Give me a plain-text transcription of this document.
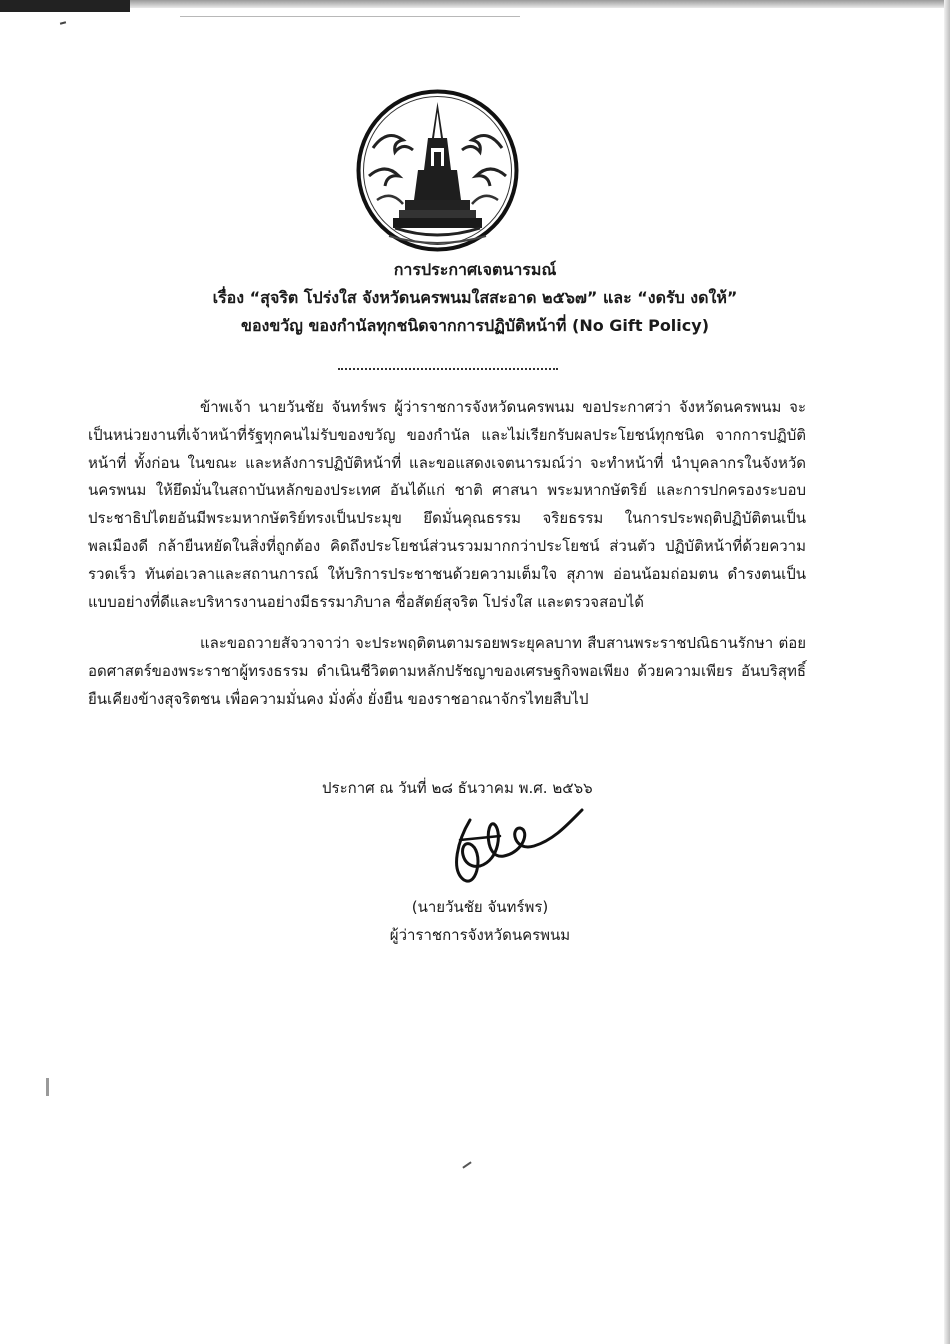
การประกาศเจตนารมณ์
เรื่อง “สุจริต โปร่งใส จังหวัดนครพนมใสสะอาด ๒๕๖๗” และ “งดรับ งดให้”
ของขวัญ ของกำนัลทุกชนิดจากการปฏิบัติหน้าที่ (No Gift Policy)

ข้าพเจ้า นายวันชัย จันทร์พร ผู้ว่าราชการจังหวัดนครพนม ขอประกาศว่า จังหวัดนครพนม จะเป็นหน่วยงานที่เจ้าหน้าที่รัฐทุกคนไม่รับของขวัญ ของกำนัล และไม่เรียกรับผลประโยชน์ทุกชนิด จากการปฏิบัติหน้าที่ ทั้งก่อน ในขณะ และหลังการปฏิบัติหน้าที่ และขอแสดงเจตนารมณ์ว่า จะทำหน้าที่ นำบุคลากรในจังหวัดนครพนม ให้ยึดมั่นในสถาบันหลักของประเทศ อันได้แก่ ชาติ ศาสนา พระมหากษัตริย์ และการปกครองระบอบประชาธิปไตยอันมีพระมหากษัตริย์ทรงเป็นประมุข ยึดมั่นคุณธรรม จริยธรรม ในการประพฤติปฏิบัติตนเป็นพลเมืองดี กล้ายืนหยัดในสิ่งที่ถูกต้อง คิดถึงประโยชน์ส่วนรวมมากกว่าประโยชน์ ส่วนตัว ปฏิบัติหน้าที่ด้วยความรวดเร็ว ทันต่อเวลาและสถานการณ์ ให้บริการประชาชนด้วยความเต็มใจ สุภาพ อ่อนน้อมถ่อมตน ดำรงตนเป็นแบบอย่างที่ดีและบริหารงานอย่างมีธรรมาภิบาล ซื่อสัตย์สุจริต โปร่งใส และตรวจสอบได้

และขอถวายสัจวาจาว่า จะประพฤติตนตามรอยพระยุคลบาท สืบสานพระราชปณิธานรักษา ต่อยอดศาสตร์ของพระราชาผู้ทรงธรรม ดำเนินชีวิตตามหลักปรัชญาของเศรษฐกิจพอเพียง ด้วยความเพียร อันบริสุทธิ์ ยืนเคียงข้างสุจริตชน เพื่อความมั่นคง มั่งคั่ง ยั่งยืน ของราชอาณาจักรไทยสืบไป

ประกาศ ณ วันที่ ๒๘ ธันวาคม พ.ศ. ๒๕๖๖
(นายวันชัย จันทร์พร)
ผู้ว่าราชการจังหวัดนครพนม
